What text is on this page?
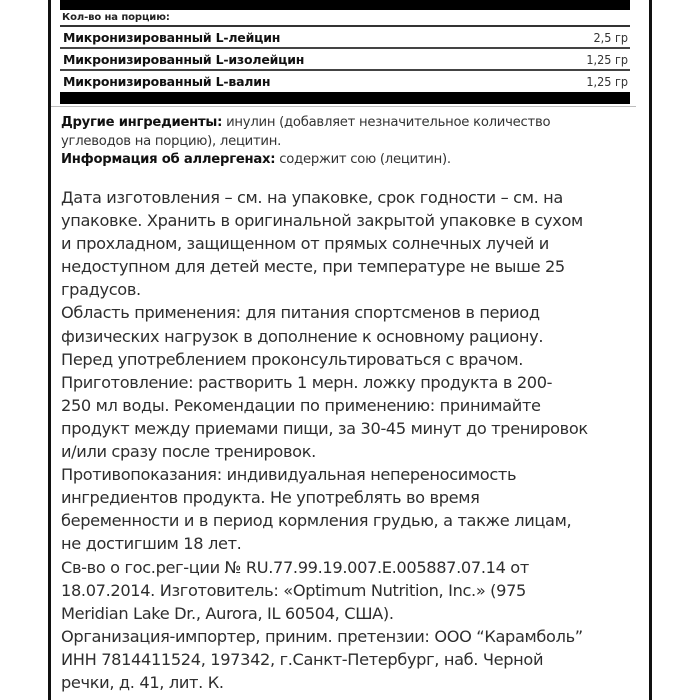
Кол-во на порцию:
Микронизированный L-лейцин	2,5 гр
Микронизированный L-изолейцин	1,25 гр
Микронизированный L-валин	1,25 гр
Другие ингредиенты: инулин (добавляет незначительное количество
углеводов на порцию), лецитин.
Информация об аллергенах: содержит сою (лецитин).
Дата изготовления – см. на упаковке, срок годности – см. на
упаковке. Хранить в оригинальной закрытой упаковке в сухом
и прохладном, защищенном от прямых солнечных лучей и
недоступном для детей месте, при температуре не выше 25
градусов.
Область применения: для питания спортсменов в период
физических нагрузок в дополнение к основному рациону.
Перед употреблением проконсультироваться с врачом.
Приготовление: растворить 1 мерн. ложку продукта в 200-
250 мл воды. Рекомендации по применению: принимайте
продукт между приемами пищи, за 30-45 минут до тренировок
и/или сразу после тренировок.
Противопоказания: индивидуальная непереносимость
ингредиентов продукта. Не употреблять во время
беременности и в период кормления грудью, а также лицам,
не достигшим 18 лет.
Св-во о гос.рег-ции № RU.77.99.19.007.Е.005887.07.14 от
18.07.2014. Изготовитель: «Optimum Nutrition, Inc.» (975
Meridian Lake Dr., Aurora, IL 60504, США).
Организация-импортер, приним. претензии: ООО “Карамболь”
ИНН 7814411524, 197342, г.Санкт-Петербург, наб. Черной
речки, д. 41, лит. К.
